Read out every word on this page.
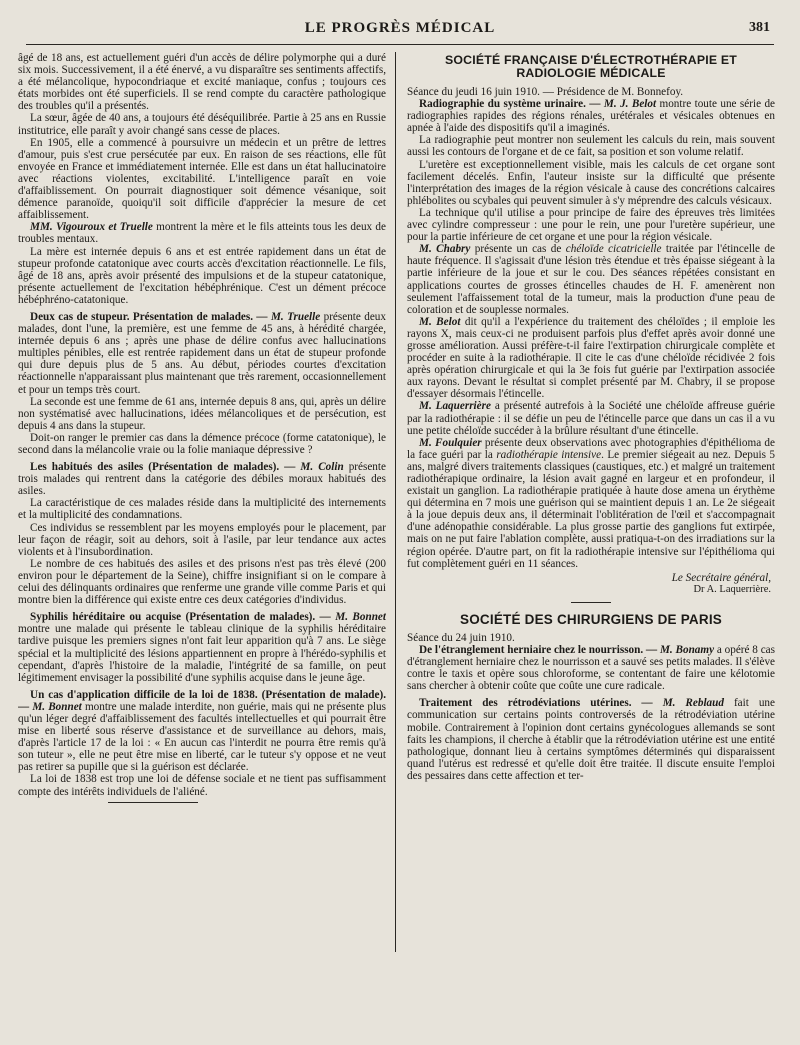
LE PROGRÈS MÉDICAL	381

âgé de 18 ans, est actuellement guéri d'un accès de délire polymorphe qui a duré six mois. Successivement, il a été énervé, a vu disparaître ses sentiments affectifs, a été mélancolique, hypocondriaque et excité maniaque, confus ; toujours ces états morbides ont été superficiels. Il se rend compte du caractère pathologique des troubles qu'il a présentés.

La sœur, âgée de 40 ans, a toujours été déséquilibrée. Partie à 25 ans en Russie institutrice, elle paraît y avoir changé sans cesse de places.

En 1905, elle a commencé à poursuivre un médecin et un prêtre de lettres d'amour, puis s'est crue persécutée par eux. En raison de ses réactions, elle fût envoyée en France et immédiatement internée. Elle est dans un état hallucinatoire avec réactions violentes, excitabilité. L'intelligence paraît en voie d'affaiblissement. On pourrait diagnostiquer soit démence vésanique, soit démence paranoïde, quoiqu'il soit difficile d'apprécier la mesure de cet affaiblissement.

MM. Vigouroux et Truelle montrent la mère et le fils atteints tous les deux de troubles mentaux.

La mère est internée depuis 6 ans et est entrée rapidement dans un état de stupeur profonde catatonique avec courts accès d'excitation réactionnelle. Le fils, âgé de 18 ans, après avoir présenté des impulsions et de la stupeur catatonique, présente actuellement de l'excitation hébéphrénique. C'est un dément précoce hébéphréno-catatonique.

Deux cas de stupeur. Présentation de malades. — M. Truelle présente deux malades, dont l'une, la première, est une femme de 45 ans, à hérédité chargée, internée depuis 6 ans ; après une phase de délire confus avec hallucinations multiples pénibles, elle est rentrée rapidement dans un état de stupeur profonde qui dure depuis plus de 5 ans. Au début, périodes courtes d'excitation réactionnelle n'apparaissant plus maintenant que très rarement, occasionnellement et pour un temps très court.

La seconde est une femme de 61 ans, internée depuis 8 ans, qui, après un délire non systématisé avec hallucinations, idées mélancoliques et de persécution, est depuis 4 ans dans la stupeur.

Doit-on ranger le premier cas dans la démence précoce (forme catatonique), le second dans la mélancolie vraie ou la folie maniaque dépressive ?

Les habitués des asiles (Présentation de malades). — M. Colin présente trois malades qui rentrent dans la catégorie des débiles moraux habitués des asiles.

La caractéristique de ces malades réside dans la multiplicité des internements et la multiplicité des condamnations.

Ces individus se ressemblent par les moyens employés pour le placement, par leur façon de réagir, soit au dehors, soit à l'asile, par leur tendance aux actes violents et à l'insubordination.

Le nombre de ces habitués des asiles et des prisons n'est pas très élevé (200 environ pour le département de la Seine), chiffre insignifiant si on le compare à celui des délinquants ordinaires que renferme une grande ville comme Paris et qui montre bien la différence qui existe entre ces deux catégories d'individus.

Syphilis héréditaire ou acquise (Présentation de malades). — M. Bonnet montre une malade qui présente le tableau clinique de la syphilis héréditaire tardive puisque les premiers signes n'ont fait leur apparition qu'à 7 ans. Le siège spécial et la multiplicité des lésions appartiennent en propre à l'hérédo-syphilis et cependant, d'après l'histoire de la maladie, l'intégrité de sa famille, on peut légitimement envisager la possibilité d'une syphilis acquise dans le jeune âge.

Un cas d'application difficile de la loi de 1838. (Présentation de malade). — M. Bonnet montre une malade interdite, non guérie, mais qui ne présente plus qu'un léger degré d'affaiblissement des facultés intellectuelles et qui pourrait être mise en liberté sous réserve d'assistance et de surveillance au dehors, mais, d'après l'article 17 de la loi : « En aucun cas l'interdit ne pourra être remis qu'à son tuteur », elle ne peut être mise en liberté, car le tuteur s'y oppose et ne veut pas retirer sa pupille que si la guérison est déclarée.

La loi de 1838 est trop une loi de défense sociale et ne tient pas suffisamment compte des intérêts individuels de l'aliéné.

SOCIÉTÉ FRANÇAISE D'ÉLECTROTHÉRAPIE ET RADIOLOGIE MÉDICALE

Séance du jeudi 16 juin 1910. — Présidence de M. Bonnefoy.

Radiographie du système urinaire. — M. J. Belot montre toute une série de radiographies rapides des régions rénales, urétérales et vésicales obtenues en apnée à l'aide des dispositifs qu'il a imaginés.

La radiographie peut montrer non seulement les calculs du rein, mais souvent aussi les contours de l'organe et de ce fait, sa position et son volume relatif.

L'uretère est exceptionnellement visible, mais les calculs de cet organe sont facilement décelés. Enfin, l'auteur insiste sur la difficulté que présente l'interprétation des images de la région vésicale à cause des concrétions calcaires phlébolites ou scybales qui peuvent simuler à s'y méprendre des calculs vésicaux.

La technique qu'il utilise a pour principe de faire des épreuves très limitées avec cylindre compresseur : une pour le rein, une pour l'uretère supérieur, une pour la partie inférieure de cet organe et une pour la région vésicale.

M. Chabry présente un cas de chéloïde cicatricielle traitée par l'étincelle de haute fréquence. Il s'agissait d'une lésion très étendue et très épaisse siégeant à la partie inférieure de la joue et sur le cou. Des séances répétées consistant en applications courtes de grosses étincelles chaudes de H. F. amenèrent non seulement l'affaissement total de la tumeur, mais la production d'une peau de coloration et de souplesse normales.

M. Belot dit qu'il a l'expérience du traitement des chéloïdes ; il emploie les rayons X, mais ceux-ci ne produisent parfois plus d'effet après avoir donné une grosse amélioration. Aussi préfère-t-il faire l'extirpation chirurgicale complète et procéder en suite à la radiothérapie. Il cite le cas d'une chéloïde récidivée 2 fois après opération chirurgicale et qui la 3e fois fut guérie par l'extirpation associée aux rayons. Devant le résultat si complet présenté par M. Chabry, il se propose d'essayer désormais l'étincelle.

M. Laquerrière a présenté autrefois à la Société une chéloïde affreuse guérie par la radiothérapie : il se défie un peu de l'étincelle parce que dans un cas il a vu une petite chéloïde succéder à la brûlure résultant d'une étincelle.

M. Foulquier présente deux observations avec photographies d'épithélioma de la face guéri par la radiothérapie intensive. Le premier siégeait au nez. Depuis 5 ans, malgré divers traitements classiques (caustiques, etc.) et malgré un traitement radiothérapique ordinaire, la lésion avait gagné en largeur et en profondeur, il existait un ganglion. La radiothérapie pratiquée à haute dose amena un érythème qui détermina en 7 mois une guérison qui se maintient depuis 1 an. Le 2e siégeait à la joue depuis deux ans, il déterminait l'oblitération de l'œil et s'accompagnait d'une adénopathie considérable. La plus grosse partie des ganglions fut extirpée, mais on ne put faire l'ablation complète, aussi pratiqua-t-on des irradiations sur la région opérée. D'autre part, on fit la radiothérapie intensive sur l'épithélioma qui fut complètement guéri en 11 séances.

Le Secrétaire général,
Dr A. Laquerrière.
SOCIÉTÉ DES CHIRURGIENS DE PARIS

Séance du 24 juin 1910.

De l'étranglement herniaire chez le nourrisson. — M. Bonamy a opéré 8 cas d'étranglement herniaire chez le nourrisson et a sauvé ses petits malades. Il s'élève contre le taxis et opère sous chloroforme, se contentant de faire une kélotomie sans chercher à obtenir coûte que coûte une cure radicale.

Traitement des rétrodéviations utérines. — M. Reblaud fait une communication sur certains points controversés de la rétrodéviation utérine mobile. Contrairement à l'opinion dont certains gynécologues allemands se sont faits les champions, il cherche à établir que la rétrodéviation utérine est une entité pathologique, donnant lieu à certains symptômes déterminés qui disparaissent quand l'utérus est redressé et qu'elle doit être traitée. Il discute ensuite l'emploi des pessaires dans cette affection et ter-
